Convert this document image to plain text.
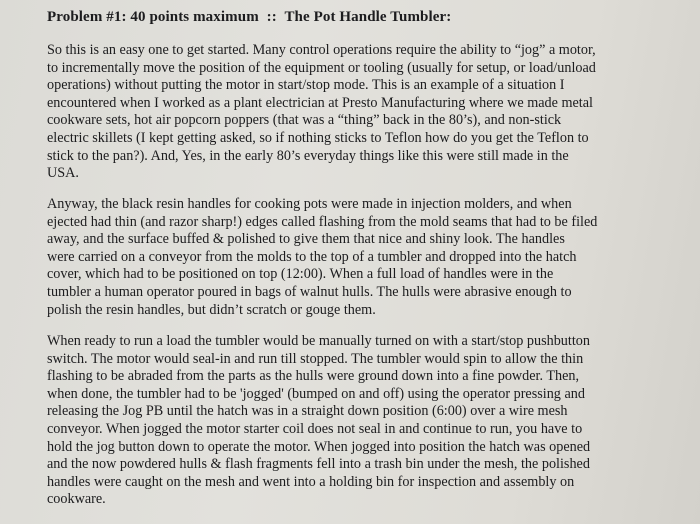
Problem #1: 40 points maximum :: The Pot Handle Tumbler:
So this is an easy one to get started. Many control operations require the ability to “jog” a motor,
to incrementally move the position of the equipment or tooling (usually for setup, or load/unload
operations) without putting the motor in start/stop mode. This is an example of a situation I
encountered when I worked as a plant electrician at Presto Manufacturing where we made metal
cookware sets, hot air popcorn poppers (that was a “thing” back in the 80’s), and non-stick
electric skillets (I kept getting asked, so if nothing sticks to Teflon how do you get the Teflon to
stick to the pan?). And, Yes, in the early 80’s everyday things like this were still made in the
USA.
Anyway, the black resin handles for cooking pots were made in injection molders, and when
ejected had thin (and razor sharp!) edges called flashing from the mold seams that had to be filed
away, and the surface buffed & polished to give them that nice and shiny look. The handles
were carried on a conveyor from the molds to the top of a tumbler and dropped into the hatch
cover, which had to be positioned on top (12:00). When a full load of handles were in the
tumbler a human operator poured in bags of walnut hulls. The hulls were abrasive enough to
polish the resin handles, but didn’t scratch or gouge them.
When ready to run a load the tumbler would be manually turned on with a start/stop pushbutton
switch. The motor would seal-in and run till stopped. The tumbler would spin to allow the thin
flashing to be abraded from the parts as the hulls were ground down into a fine powder. Then,
when done, the tumbler had to be 'jogged' (bumped on and off) using the operator pressing and
releasing the Jog PB until the hatch was in a straight down position (6:00) over a wire mesh
conveyor. When jogged the motor starter coil does not seal in and continue to run, you have to
hold the jog button down to operate the motor. When jogged into position the hatch was opened
and the now powdered hulls & flash fragments fell into a trash bin under the mesh, the polished
handles were caught on the mesh and went into a holding bin for inspection and assembly on
cookware.
